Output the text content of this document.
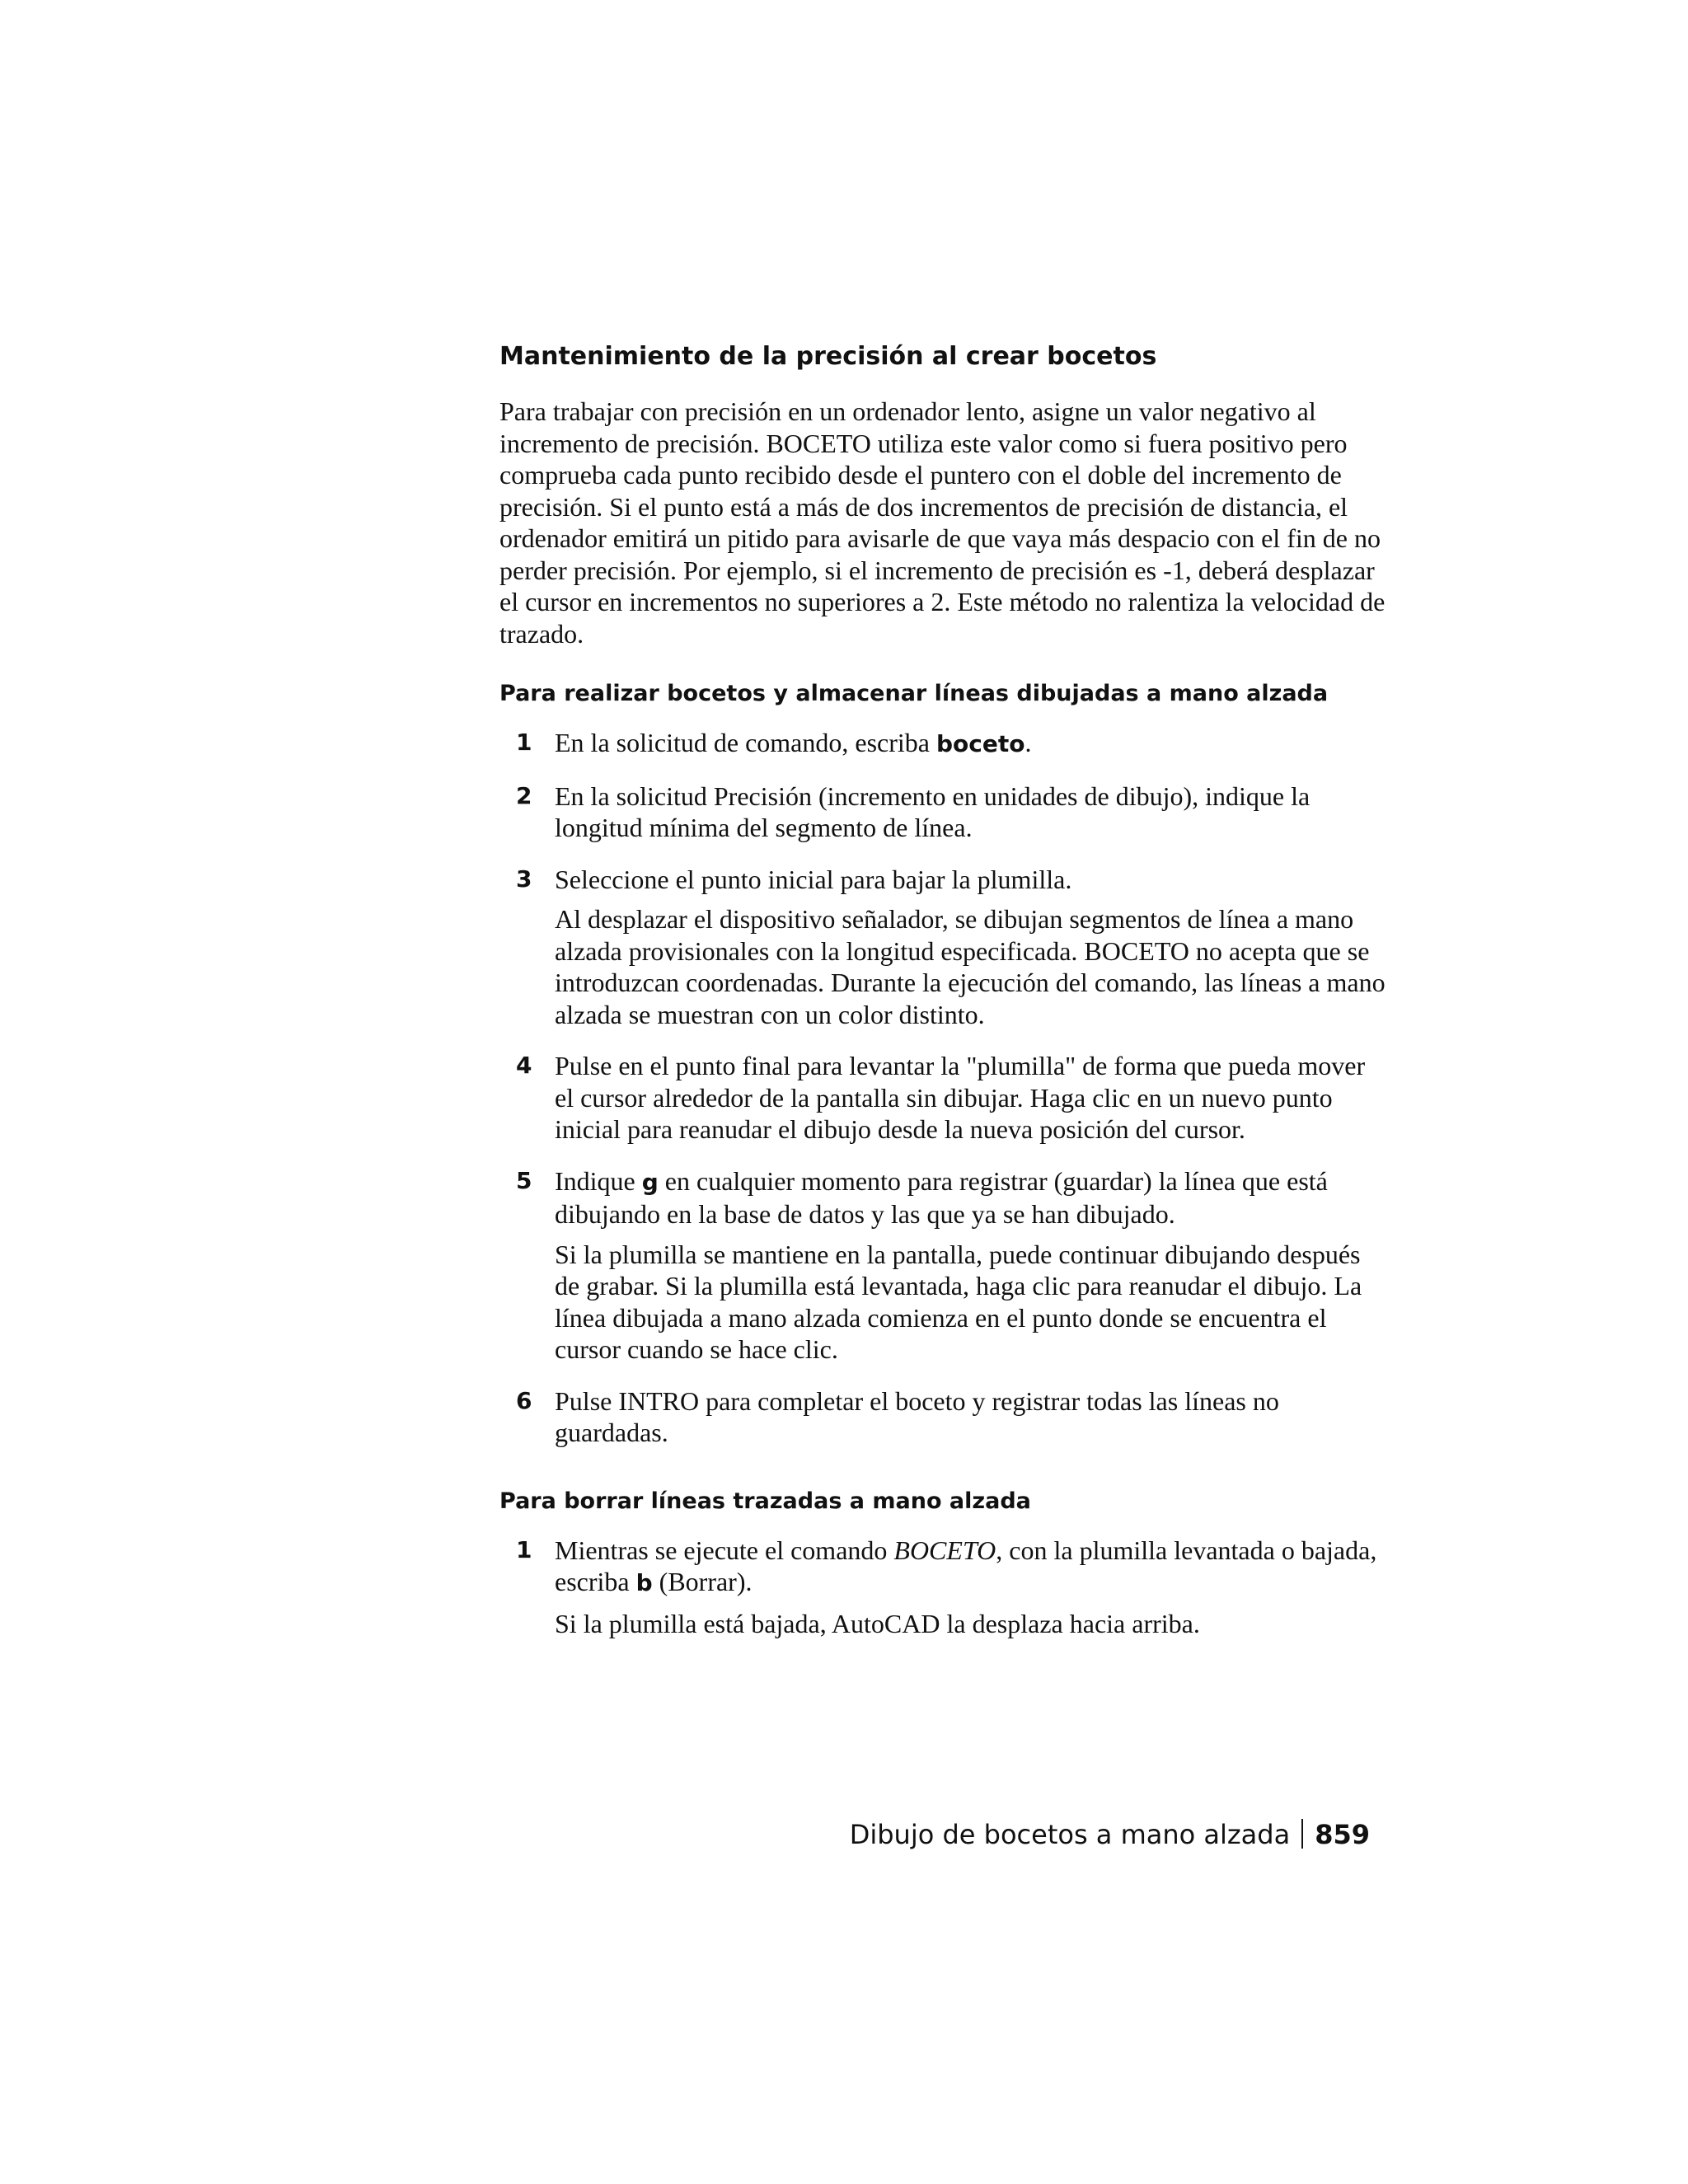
Mantenimiento de la precisión al crear bocetos

Para trabajar con precisión en un ordenador lento, asigne un valor negativo al incremento de precisión. BOCETO utiliza este valor como si fuera positivo pero comprueba cada punto recibido desde el puntero con el doble del incremento de precisión. Si el punto está a más de dos incrementos de precisión de distancia, el ordenador emitirá un pitido para avisarle de que vaya más despacio con el fin de no perder precisión. Por ejemplo, si el incremento de precisión es -1, deberá desplazar el cursor en incrementos no superiores a 2. Este método no ralentiza la velocidad de trazado.

Para realizar bocetos y almacenar líneas dibujadas a mano alzada
1 En la solicitud de comando, escriba boceto.

2 En la solicitud Precisión (incremento en unidades de dibujo), indique la longitud mínima del segmento de línea.

3 Seleccione el punto inicial para bajar la plumilla.

Al desplazar el dispositivo señalador, se dibujan segmentos de línea a mano alzada provisionales con la longitud especificada. BOCETO no acepta que se introduzcan coordenadas. Durante la ejecución del comando, las líneas a mano alzada se muestran con un color distinto.

4 Pulse en el punto final para levantar la "plumilla" de forma que pueda mover el cursor alrededor de la pantalla sin dibujar. Haga clic en un nuevo punto inicial para reanudar el dibujo desde la nueva posición del cursor.

5 Indique g en cualquier momento para registrar (guardar) la línea que está dibujando en la base de datos y las que ya se han dibujado.

Si la plumilla se mantiene en la pantalla, puede continuar dibujando después de grabar. Si la plumilla está levantada, haga clic para reanudar el dibujo. La línea dibujada a mano alzada comienza en el punto donde se encuentra el cursor cuando se hace clic.

6 Pulse INTRO para completar el boceto y registrar todas las líneas no guardadas.

Para borrar líneas trazadas a mano alzada
1 Mientras se ejecute el comando BOCETO, con la plumilla levantada o bajada, escriba b (Borrar).

Si la plumilla está bajada, AutoCAD la desplaza hacia arriba.

Dibujo de bocetos a mano alzada 859
